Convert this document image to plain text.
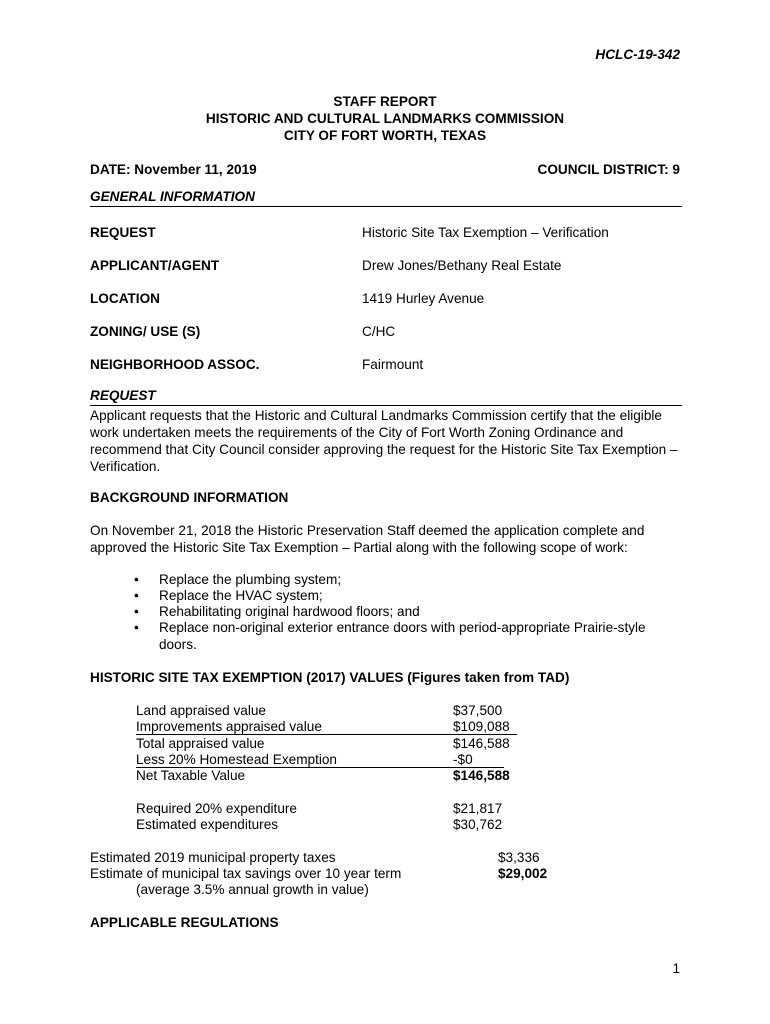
HCLC-19-342
STAFF REPORT
HISTORIC AND CULTURAL LANDMARKS COMMISSION
CITY OF FORT WORTH, TEXAS
DATE: November 11, 2019	COUNCIL DISTRICT: 9
GENERAL INFORMATION
REQUEST	Historic Site Tax Exemption – Verification
APPLICANT/AGENT	Drew Jones/Bethany Real Estate
LOCATION	1419 Hurley Avenue
ZONING/ USE (S)	C/HC
NEIGHBORHOOD ASSOC.	Fairmount
REQUEST
Applicant requests that the Historic and Cultural Landmarks Commission certify that the eligible work undertaken meets the requirements of the City of Fort Worth Zoning Ordinance and recommend that City Council consider approving the request for the Historic Site Tax Exemption – Verification.
BACKGROUND INFORMATION
On November 21, 2018 the Historic Preservation Staff deemed the application complete and approved the Historic Site Tax Exemption – Partial along with the following scope of work:
• Replace the plumbing system;
• Replace the HVAC system;
• Rehabilitating original hardwood floors; and
• Replace non-original exterior entrance doors with period-appropriate Prairie-style doors.
HISTORIC SITE TAX EXEMPTION (2017) VALUES (Figures taken from TAD)
Land appraised value	$37,500
Improvements appraised value	$109,088
Total appraised value	$146,588
Less 20% Homestead Exemption	-$0
Net Taxable Value	$146,588
Required 20% expenditure	$21,817
Estimated expenditures	$30,762
Estimated 2019 municipal property taxes	$3,336
Estimate of municipal tax savings over 10 year term	$29,002
(average 3.5% annual growth in value)
APPLICABLE REGULATIONS
1
